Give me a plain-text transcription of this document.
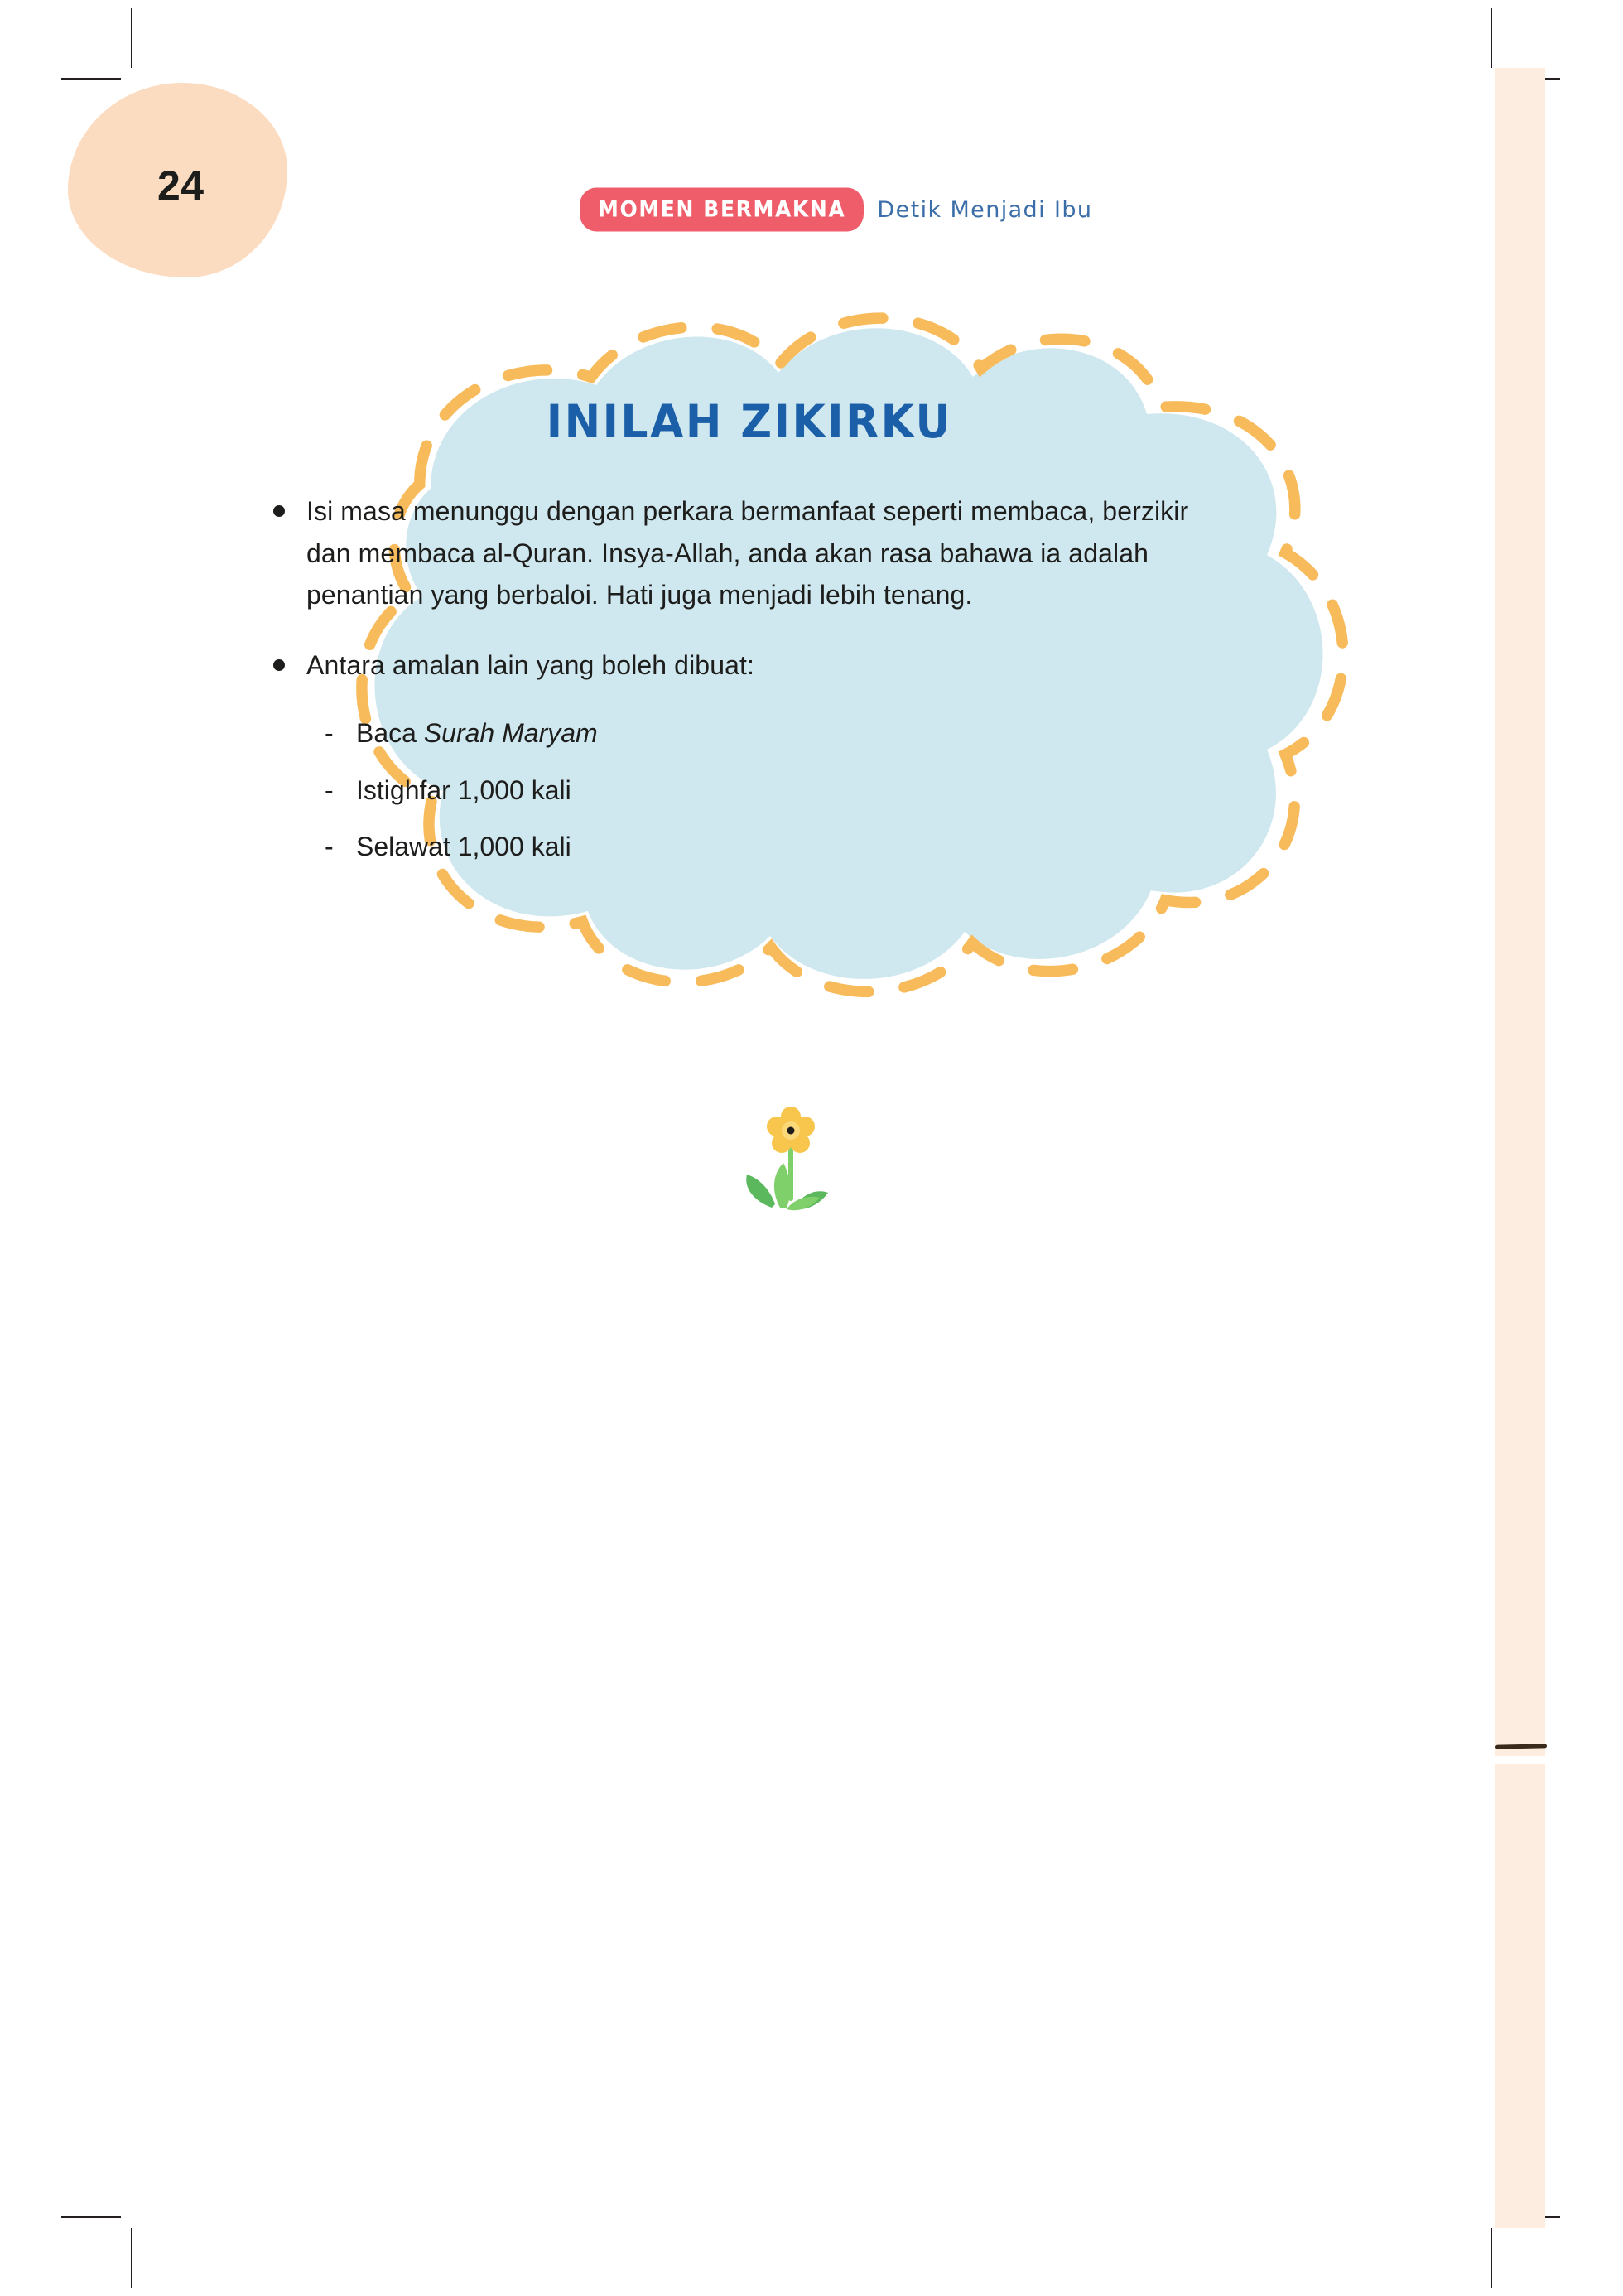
24
MOMEN BERMAKNA	Detik Menjadi Ibu
INILAH ZIKIRKU
Isi masa menunggu dengan perkara bermanfaat seperti membaca, berzikir dan membaca al-Quran. Insya-Allah, anda akan rasa bahawa ia adalah penantian yang berbaloi. Hati juga menjadi lebih tenang.
Antara amalan lain yang boleh dibuat:
- Baca Surah Maryam
- Istighfar 1,000 kali
- Selawat 1,000 kali
